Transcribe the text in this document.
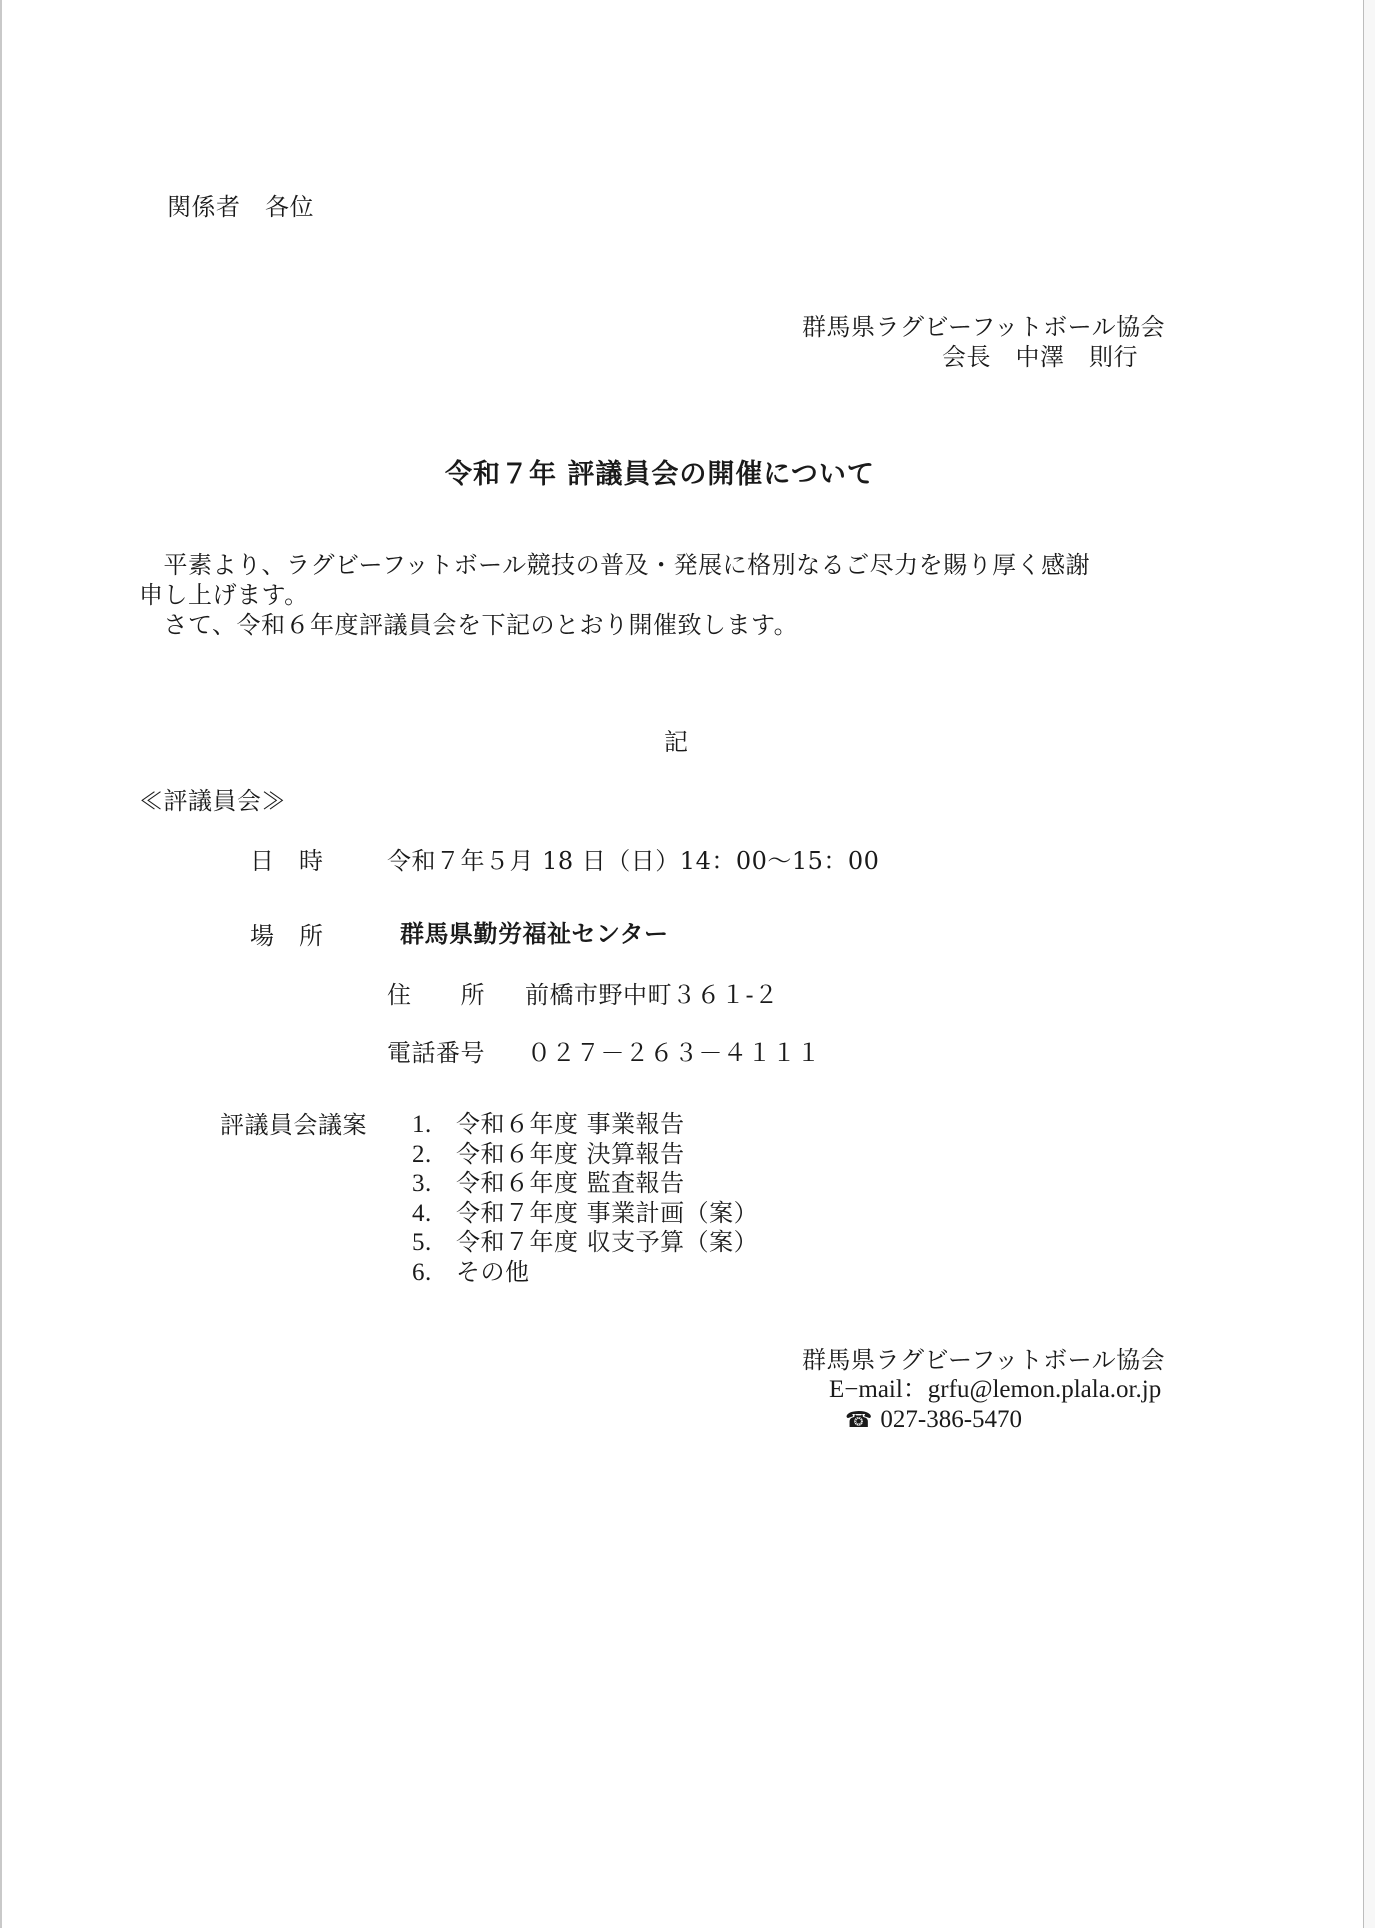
関係者　各位
群馬県ラグビーフットボール協会
会長　中澤　則行
令和７年 評議員会の開催について
　平素より、ラグビーフットボール競技の普及・発展に格別なるご尽力を賜り厚く感謝
申し上げます。
　さて、令和６年度評議員会を下記のとおり開催致します。
記
≪評議員会≫
日　時	令和７年５月 18 日（日）14：00〜15：00
場　所	群馬県勤労福祉センター
住　　所 前橋市野中町３６１-２
電話番号 ０２７－２６３－４１１１
評議員会議案 1. 令和６年度 事業報告
2. 令和６年度 決算報告
3. 令和６年度 監査報告
4. 令和７年度 事業計画（案）
5. 令和７年度 収支予算（案）
6. その他
群馬県ラグビーフットボール協会
E−mail：grfu@lemon.plala.or.jp
☎ 027-386-5470
